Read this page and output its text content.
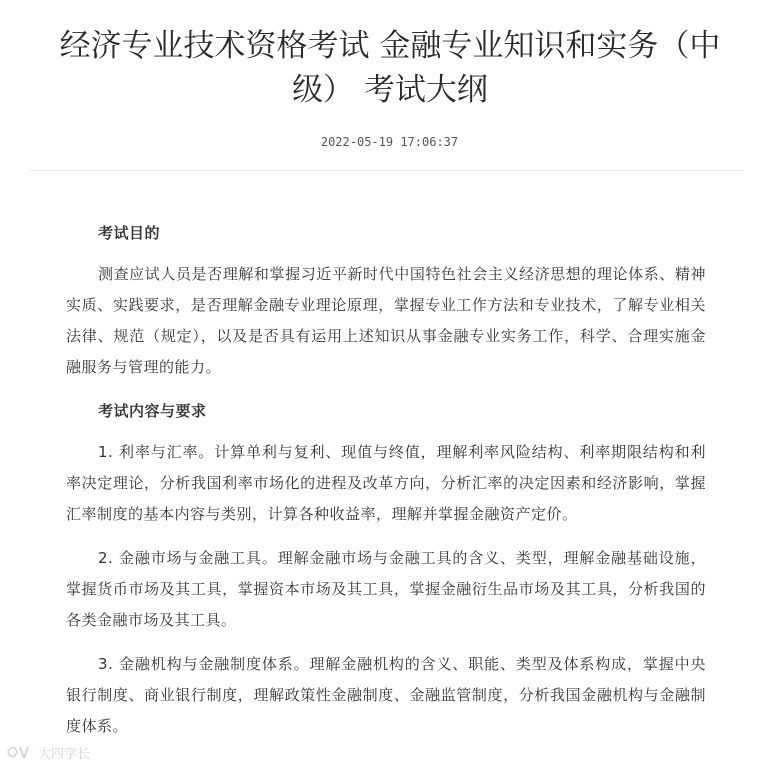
经济专业技术资格考试 金融专业知识和实务（中级） 考试大纲
2022-05-19 17:06:37
考试目的

测查应试人员是否理解和掌握习近平新时代中国特色社会主义经济思想的理论体系、精神实质、实践要求，是否理解金融专业理论原理，掌握专业工作方法和专业技术，了解专业相关法律、规范（规定），以及是否具有运用上述知识从事金融专业实务工作，科学、合理实施金融服务与管理的能力。

考试内容与要求

1. 利率与汇率。计算单利与复利、现值与终值，理解利率风险结构、利率期限结构和利率决定理论，分析我国利率市场化的进程及改革方向，分析汇率的决定因素和经济影响，掌握汇率制度的基本内容与类别，计算各种收益率，理解并掌握金融资产定价。

2. 金融市场与金融工具。理解金融市场与金融工具的含义、类型，理解金融基础设施，掌握货币市场及其工具，掌握资本市场及其工具，掌握金融衍生品市场及其工具，分析我国的各类金融市场及其工具。

3. 金融机构与金融制度体系。理解金融机构的含义、职能、类型及体系构成，掌握中央银行制度、商业银行制度，理解政策性金融制度、金融监管制度，分析我国金融机构与金融制度体系。

大四学长
